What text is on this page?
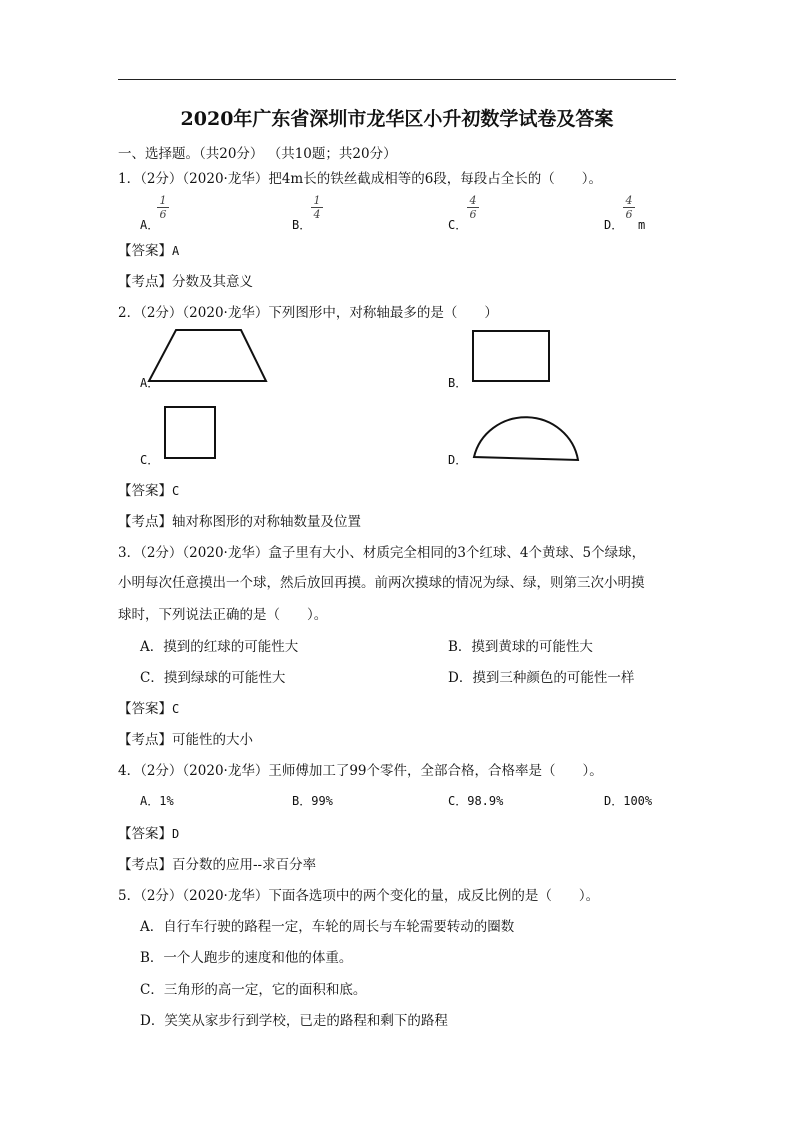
2020年广东省深圳市龙华区小升初数学试卷及答案
一、选择题。（共20分） （共10题；共20分）
1．（2分）（2020·龙华）把4m长的铁丝截成相等的6段，每段占全长的（　　）。
A．
1
6
B．
1
4
C．
4
6
D．
4
6
m
【答案】A
【考点】分数及其意义
2．（2分）（2020·龙华）下列图形中，对称轴最多的是（　　）
A．	B．
C．	D．
【答案】C
【考点】轴对称图形的对称轴数量及位置
3．（2分）（2020·龙华）盒子里有大小、材质完全相同的3个红球、4个黄球、5个绿球，
小明每次任意摸出一个球，然后放回再摸。前两次摸球的情况为绿、绿，则第三次小明摸
球时，下列说法正确的是（　　）。
A．摸到的红球的可能性大	B．摸到黄球的可能性大
C．摸到绿球的可能性大	D．摸到三种颜色的可能性一样
【答案】C
【考点】可能性的大小
4．（2分）（2020·龙华）王师傅加工了99个零件，全部合格，合格率是（　　）。
A．1%	B．99%	C．98.9%	D．100%
【答案】D
【考点】百分数的应用--求百分率
5．（2分）（2020·龙华）下面各选项中的两个变化的量，成反比例的是（　　）。
A．自行车行驶的路程一定，车轮的周长与车轮需要转动的圈数
B．一个人跑步的速度和他的体重。
C．三角形的高一定，它的面积和底。
D．笑笑从家步行到学校，已走的路程和剩下的路程
